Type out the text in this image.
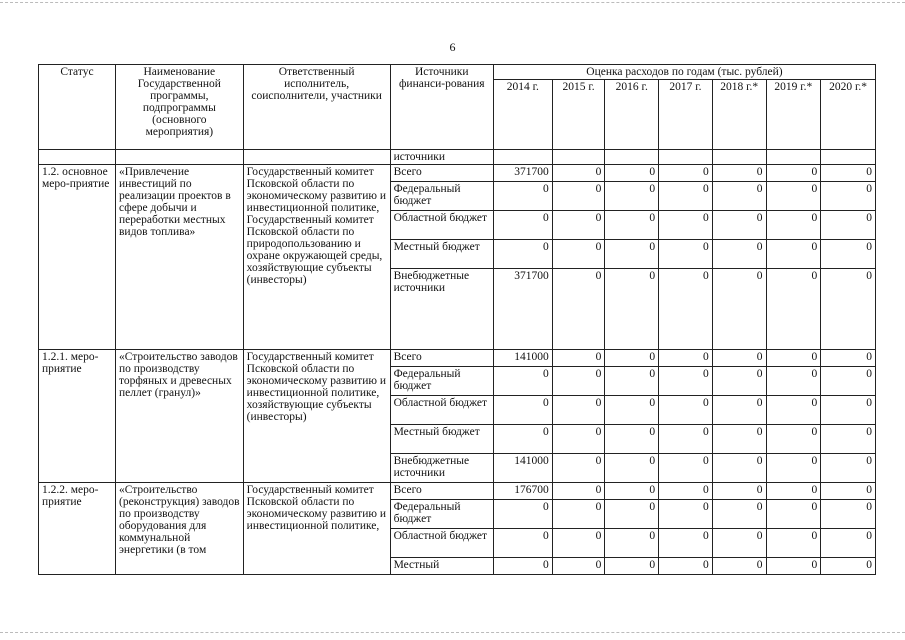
6
Статус	Наименование Государственной программы, подпрограммы (основного мероприятия)	Ответственный исполнитель, соисполнители, участники	Источники финанси-рования	Оценка расходов по годам (тыс. рублей)						
				2014 г.	2015 г.	2016 г.	2017 г.	2018 г.*	2019 г.*	2020 г.*
			источники							
1.2. основное меро-приятие	«Привлечение инвестиций по реализации проектов в сфере добычи и переработки местных видов топлива»	Государственный комитет Псковской области по экономическому развитию и инвестиционной политике, Государственный комитет Псковской области по природопользованию и охране окружающей среды, хозяйствующие субъекты (инвесторы)	Всего	371700	0	0	0	0	0	0
			Федеральный бюджет	0	0	0	0	0	0	0
			Областной бюджет	0	0	0	0	0	0	0
			Местный бюджет	0	0	0	0	0	0	0
			Внебюджетные источники	371700	0	0	0	0	0	0
1.2.1. меро-приятие	«Строительство заводов по производству торфяных и древесных пеллет (гранул)»	Государственный комитет Псковской области по экономическому развитию и инвестиционной политике, хозяйствующие субъекты (инвесторы)	Всего	141000	0	0	0	0	0	0
			Федеральный бюджет	0	0	0	0	0	0	0
			Областной бюджет	0	0	0	0	0	0	0
			Местный бюджет	0	0	0	0	0	0	0
			Внебюджетные источники	141000	0	0	0	0	0	0
1.2.2. меро-приятие	«Строительство (реконструкция) заводов по производству оборудования для коммунальной энергетики (в том	Государственный комитет Псковской области по экономическому развитию и инвестиционной политике,	Всего	176700	0	0	0	0	0	0
			Федеральный бюджет	0	0	0	0	0	0	0
			Областной бюджет	0	0	0	0	0	0	0
			Местный	0	0	0	0	0	0	0
